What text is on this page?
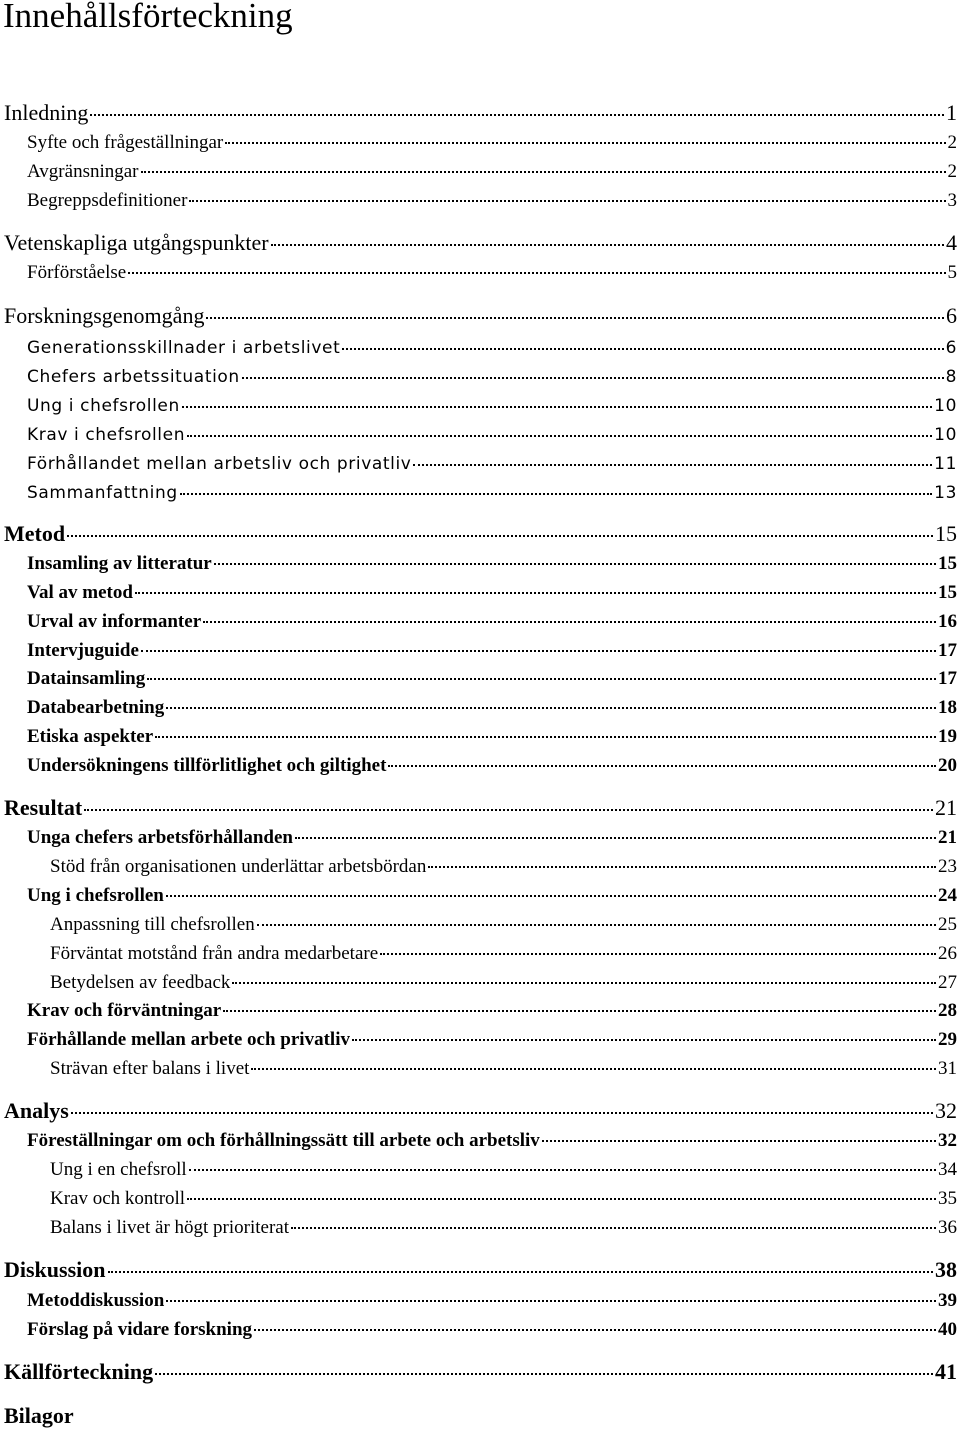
Innehållsförteckning
Inledning	1
Syfte och frågeställningar	2
Avgränsningar	2
Begreppsdefinitioner	3
Vetenskapliga utgångspunkter	4
Förförståelse	5
Forskningsgenomgång	6
Generationsskillnader i arbetslivet	6
Chefers arbetssituation	8
Ung i chefsrollen	10
Krav i chefsrollen	10
Förhållandet mellan arbetsliv och privatliv	11
Sammanfattning	13
Metod	15
Insamling av litteratur	15
Val av metod	15
Urval av informanter	16
Intervjuguide	17
Datainsamling	17
Databearbetning	18
Etiska aspekter	19
Undersökningens tillförlitlighet och giltighet	20
Resultat	21
Unga chefers arbetsförhållanden	21
Stöd från organisationen underlättar arbetsbördan	23
Ung i chefsrollen	24
Anpassning till chefsrollen	25
Förväntat motstånd från andra medarbetare	26
Betydelsen av feedback	27
Krav och förväntningar	28
Förhållande mellan arbete och privatliv	29
Strävan efter balans i livet	31
Analys	32
Föreställningar om och förhållningssätt till arbete och arbetsliv	32
Ung i en chefsroll	34
Krav och kontroll	35
Balans i livet är högt prioriterat	36
Diskussion	38
Metoddiskussion	39
Förslag på vidare forskning	40
Källförteckning	41
Bilagor
